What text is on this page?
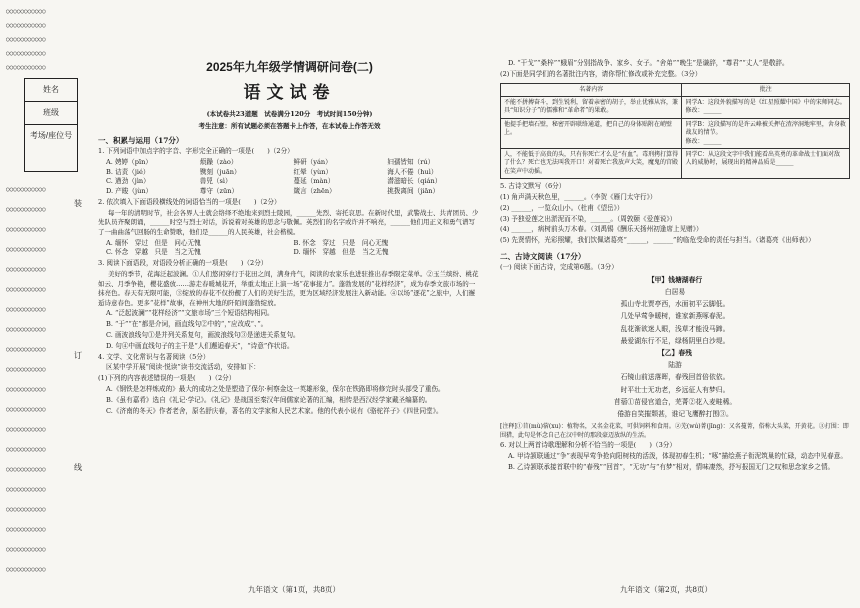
○○○○○○○○○○○
○○○○○○○○○○○
○○○○○○○○○○○
○○○○○○○○○○○
○○○○○○○○○○○
姓名
班级
考场/座位号
○○○○○○○○○○○
○○○○○○○○○○○
○○○○○○○○○○○
○○○○○○○○○○○
○○○○○○○○○○○
○○○○○○○○○○○
○○○○○○○○○○○
○○○○○○○○○○○
○○○○○○○○○○○
○○○○○○○○○○○
○○○○○○○○○○○
○○○○○○○○○○○
○○○○○○○○○○○
○○○○○○○○○○○
○○○○○○○○○○○
○○○○○○○○○○○
○○○○○○○○○○○
○○○○○○○○○○○
○○○○○○○○○○○
○○○○○○○○○○○
装
订
线
2025年九年级学情调研问卷(二)
语文试卷
(本试卷共23道题　试卷满分120分　考试时间150分钟)
考生注意：所有试题必须在答题卡上作答，在本试卷上作答无效
一、积累与运用（17分）

1. 下列词语中加点字的字音、字形完全正确的一项是(　　)（2分）

A. 娉婷（pīn）	烦躁（zào）	鲜研（yán）	妇孺皆知（rú）
B. 诘责（jié）	镌刻（juān）	红晕（yùn）	海人不倦（huì）
C. 遒劲（jìn）	兽兕（sì）	蔓延（màn）	潜滋暗长（qián）
D. 产睃（jùn）	尊守（zūn）	箴言（zhēn）	挑拨离间（jiān）

2. 依次填入下面语段横线处的词语恰当的一项是(　　)（2分）

每一年的清明时节，社会各界人士就会络绎不绝地来到烈士陵园，______先烈、寄托哀思。在新时代里，武警战士、共青团员、少先队员齐聚朗诵，______时空与烈士对话，诉说着对英雄的思念与敬佩。英烈们的名字或许并不响亮，______他们用正义和勇气谱写了一曲曲荡气回肠的生命赞歌，他们是______的人民英雄，社会楷模。

A. 缅怀　穿过　但是　问心无愧	B. 怀念　穿过　只是　问心无愧
C. 怀念　穿越　只是　当之无愧	D. 缅怀　穿越　但是　当之无愧

3. 阅读下面语段，对语段分析正确的一项是(　　)（2分）

美好的季节，花海泛起波澜。①人们悠闲穿行于花田之间，满身舟气，阅读的农家乐也进驻推出春季限定菜单。②玉兰缤纷、桃花如云、月季争艳，樱花盛放……游走春暖城花开，举重太地正上演一场“花事接力”。蓬勃发展的“花样经济”，成为春季文旅市场的一抹亮色。春天有无限可能，③绽放的春花不仅扮靓了人们的美好生活，更为区域经济发展注入新动能。④以场“逐花”之旅中，人们邂逅诗意春色。更多“花样”故事，在神州大地的阡陌间蓬勃绽放。

A. “泛起波澜”“花样经济”“文旅市场”三个短语结构相同。

B. “于”“在”都是介词，画直线句②中的“，”应改成“、”。

C. 画波浪线句①是并列关系复句，画波浪线句③是递进关系复句。

D. 句④中画直线句子的主干是“人们邂逅春天”，“诗意”作状语。

4. 文学、文化常识与名著阅读（5分）

区某中学开展“阅读·悦读”读书交流活动，安排如下：

(1)下列的内容表述错误的一项是(　　)（2分）

A.《钢铁是怎样炼成的》最大的成功之处是塑造了保尔·柯察金这一英雄形象，保尔在铁路即将修完时头部受了重伤。

B.《虽有嘉肴》选自《礼记·学记》。《礼记》是战国至秦汉年间儒家论著的汇编，相传是西汉经学家戴圣编纂的。

C.《济南的冬天》作者老舍，原名舒庆春，著名的文学家和人民艺术家。他的代表小说有《骆驼祥子》《四世同堂》。

九年语文（第1页，共8页）

D. “干戈”“桑梓”“蛾眉”分别指战争、家乡、女子。“舍弟”“晚生”是谦辞，“尊君”“丈人”是敬辞。

(2)下面是同学们的名著批注内容，请你帮忙修改或补充完整。（3分）

名著内容	批注
不能不拼搏奋斗，到生锐利，留着亲密的胡子，举止优雅从容，兼具“知识分子”的儒雅和“革命者”的果敢。	同学A：这段外貌描写的是《红星照耀中国》中的宋师同志。
修改：______
他提手把墙石壁，秘密开辟联络通道，把自己的身体贴附在峭壁上。	同学B：这段描写的是许云峰被关押在渣滓洞地牢里，舍身救战友的情节。
修改：______
人，不能低于高贵的头，只有你死亡才么是“有血”。毒刑拷打算得了什么？死亡也无法叫我开口！对着死亡我放声大笑，魔鬼的宫殿在笑声中动摇。	同学C：从这段文字中我们能看出英勇的革命战士们面对敌人的威胁时，展现出的精神品质是______

5. 古诗文默写（6分）

(1) 角声满天秋色里，______。（李贺《雁门太守行》）

(2) ______，一览众山小。（杜甫《望岳》）

(3) 予独爱莲之出淤泥而不染，______。（周敦颐《爱莲说》）

(4) ______，病树前头万木春。（刘禹锡《酬乐天扬州初逢席上见赠》）

(5) 先贤情怀，光彩照耀，我们饮佩诸葛亮“______，______”的临危受命的责任与担当。（诸葛亮《出师表》）

二、古诗文阅读（17分）

(一) 阅读下面古诗，完成第6题。（3分）

【甲】钱塘湖春行
白居易
孤山寺北贾亭西，水面初平云脚低。
几处早莺争暖树，谁家新燕啄春泥。
乱花渐欲迷人眼，浅草才能没马蹄。
最爱湖东行不足，绿杨阴里白沙堤。
【乙】春残
陆游
石镜山前送落晖，春残回首倍依依。
时平壮士无功老，乡远征人有梦归。
苜蓿①苗侵官道合，芜菁②花入麦畦稀。
倦游自笑摧颓甚，谁记飞鹰醉打围③。
[注释]①苜(mù)蓿(xu)：植物名，又名金花菜，可供饲料和食用。②芜(wú)菁(jīng)：又名蔓菁，俗称大头菜，开黄花。③打围：即围猎，此句是怀念自己在汉中时的那段豪迈放纵的生活。

6. 对以上两首诗歌理解和分析不恰当的一项是(　　)（3分）

A. 甲诗颔联通过“争”表现早莺争抢向阳树枝的活泼，体现初春生机；“啄”描绘燕子衔泥筑巢的忙碌，动态中见春意。

B. 乙诗颔联承接首联中的“春残”“回首”，“无功”与“有梦”相对，情味凄然，抒写报国无门之叹和思念家乡之情。

九年语文（第2页，共8页）
